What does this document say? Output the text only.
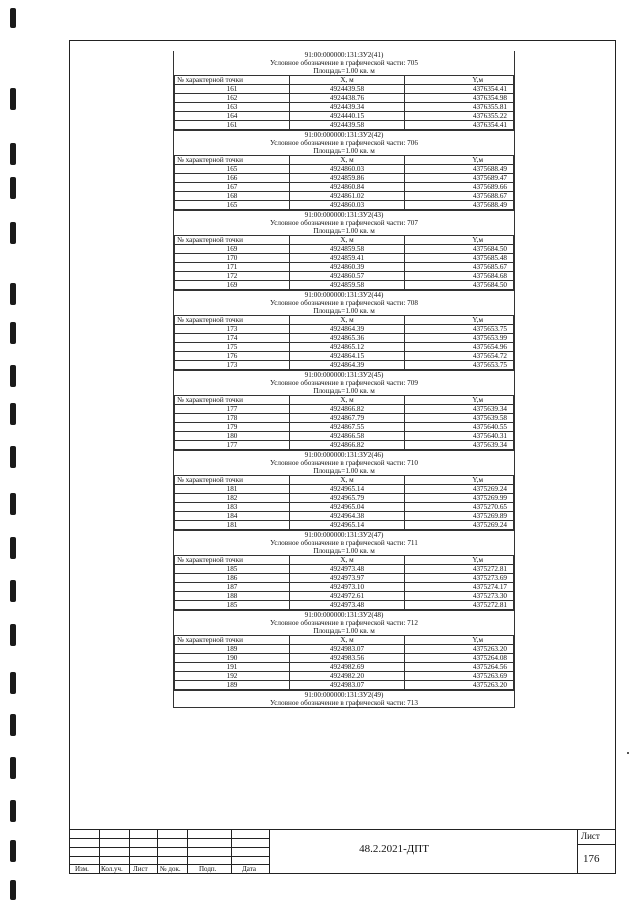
91:00:000000:131:ЗУ2(41)
Условное обозначение в графической части: 705
Площадь=1.00 кв. м
№ характерной точки	X, м	Y,м
161	4924439.58	4376354.41
162	4924438.76	4376354.98
163	4924439.34	4376355.81
164	4924440.15	4376355.22
161	4924439.58	4376354.41
91:00:000000:131:ЗУ2(42)
Условное обозначение в графической части: 706
Площадь=1.00 кв. м
№ характерной точки	X, м	Y,м
165	4924860.03	4375688.49
166	4924859.86	4375689.47
167	4924860.84	4375689.66
168	4924861.02	4375688.67
165	4924860.03	4375688.49
91:00:000000:131:ЗУ2(43)
Условное обозначение в графической части: 707
Площадь=1.00 кв. м
№ характерной точки	X, м	Y,м
169	4924859.58	4375684.50
170	4924859.41	4375685.48
171	4924860.39	4375685.67
172	4924860.57	4375684.68
169	4924859.58	4375684.50
91:00:000000:131:ЗУ2(44)
Условное обозначение в графической части: 708
Площадь=1.00 кв. м
№ характерной точки	X, м	Y,м
173	4924864.39	4375653.75
174	4924865.36	4375653.99
175	4924865.12	4375654.96
176	4924864.15	4375654.72
173	4924864.39	4375653.75
91:00:000000:131:ЗУ2(45)
Условное обозначение в графической части: 709
Площадь=1.00 кв. м
№ характерной точки	X, м	Y,м
177	4924866.82	4375639.34
178	4924867.79	4375639.58
179	4924867.55	4375640.55
180	4924866.58	4375640.31
177	4924866.82	4375639.34
91:00:000000:131:ЗУ2(46)
Условное обозначение в графической части: 710
Площадь=1.00 кв. м
№ характерной точки	X, м	Y,м
181	4924965.14	4375269.24
182	4924965.79	4375269.99
183	4924965.04	4375270.65
184	4924964.38	4375269.89
181	4924965.14	4375269.24
91:00:000000:131:ЗУ2(47)
Условное обозначение в графической части: 711
Площадь=1.00 кв. м
№ характерной точки	X, м	Y,м
185	4924973.48	4375272.81
186	4924973.97	4375273.69
187	4924973.10	4375274.17
188	4924972.61	4375273.30
185	4924973.48	4375272.81
91:00:000000:131:ЗУ2(48)
Условное обозначение в графической части: 712
Площадь=1.00 кв. м
№ характерной точки	X, м	Y,м
189	4924983.07	4375263.20
190	4924983.56	4375264.08
191	4924982.69	4375264.56
192	4924982.20	4375263.69
189	4924983.07	4375263.20
91:00:000000:131:ЗУ2(49)
Условное обозначение в графической части: 713
Изм. Кол.уч. Лист № док.	Подп.	Дата
48.2.2021-ДПТ
Лист
176
